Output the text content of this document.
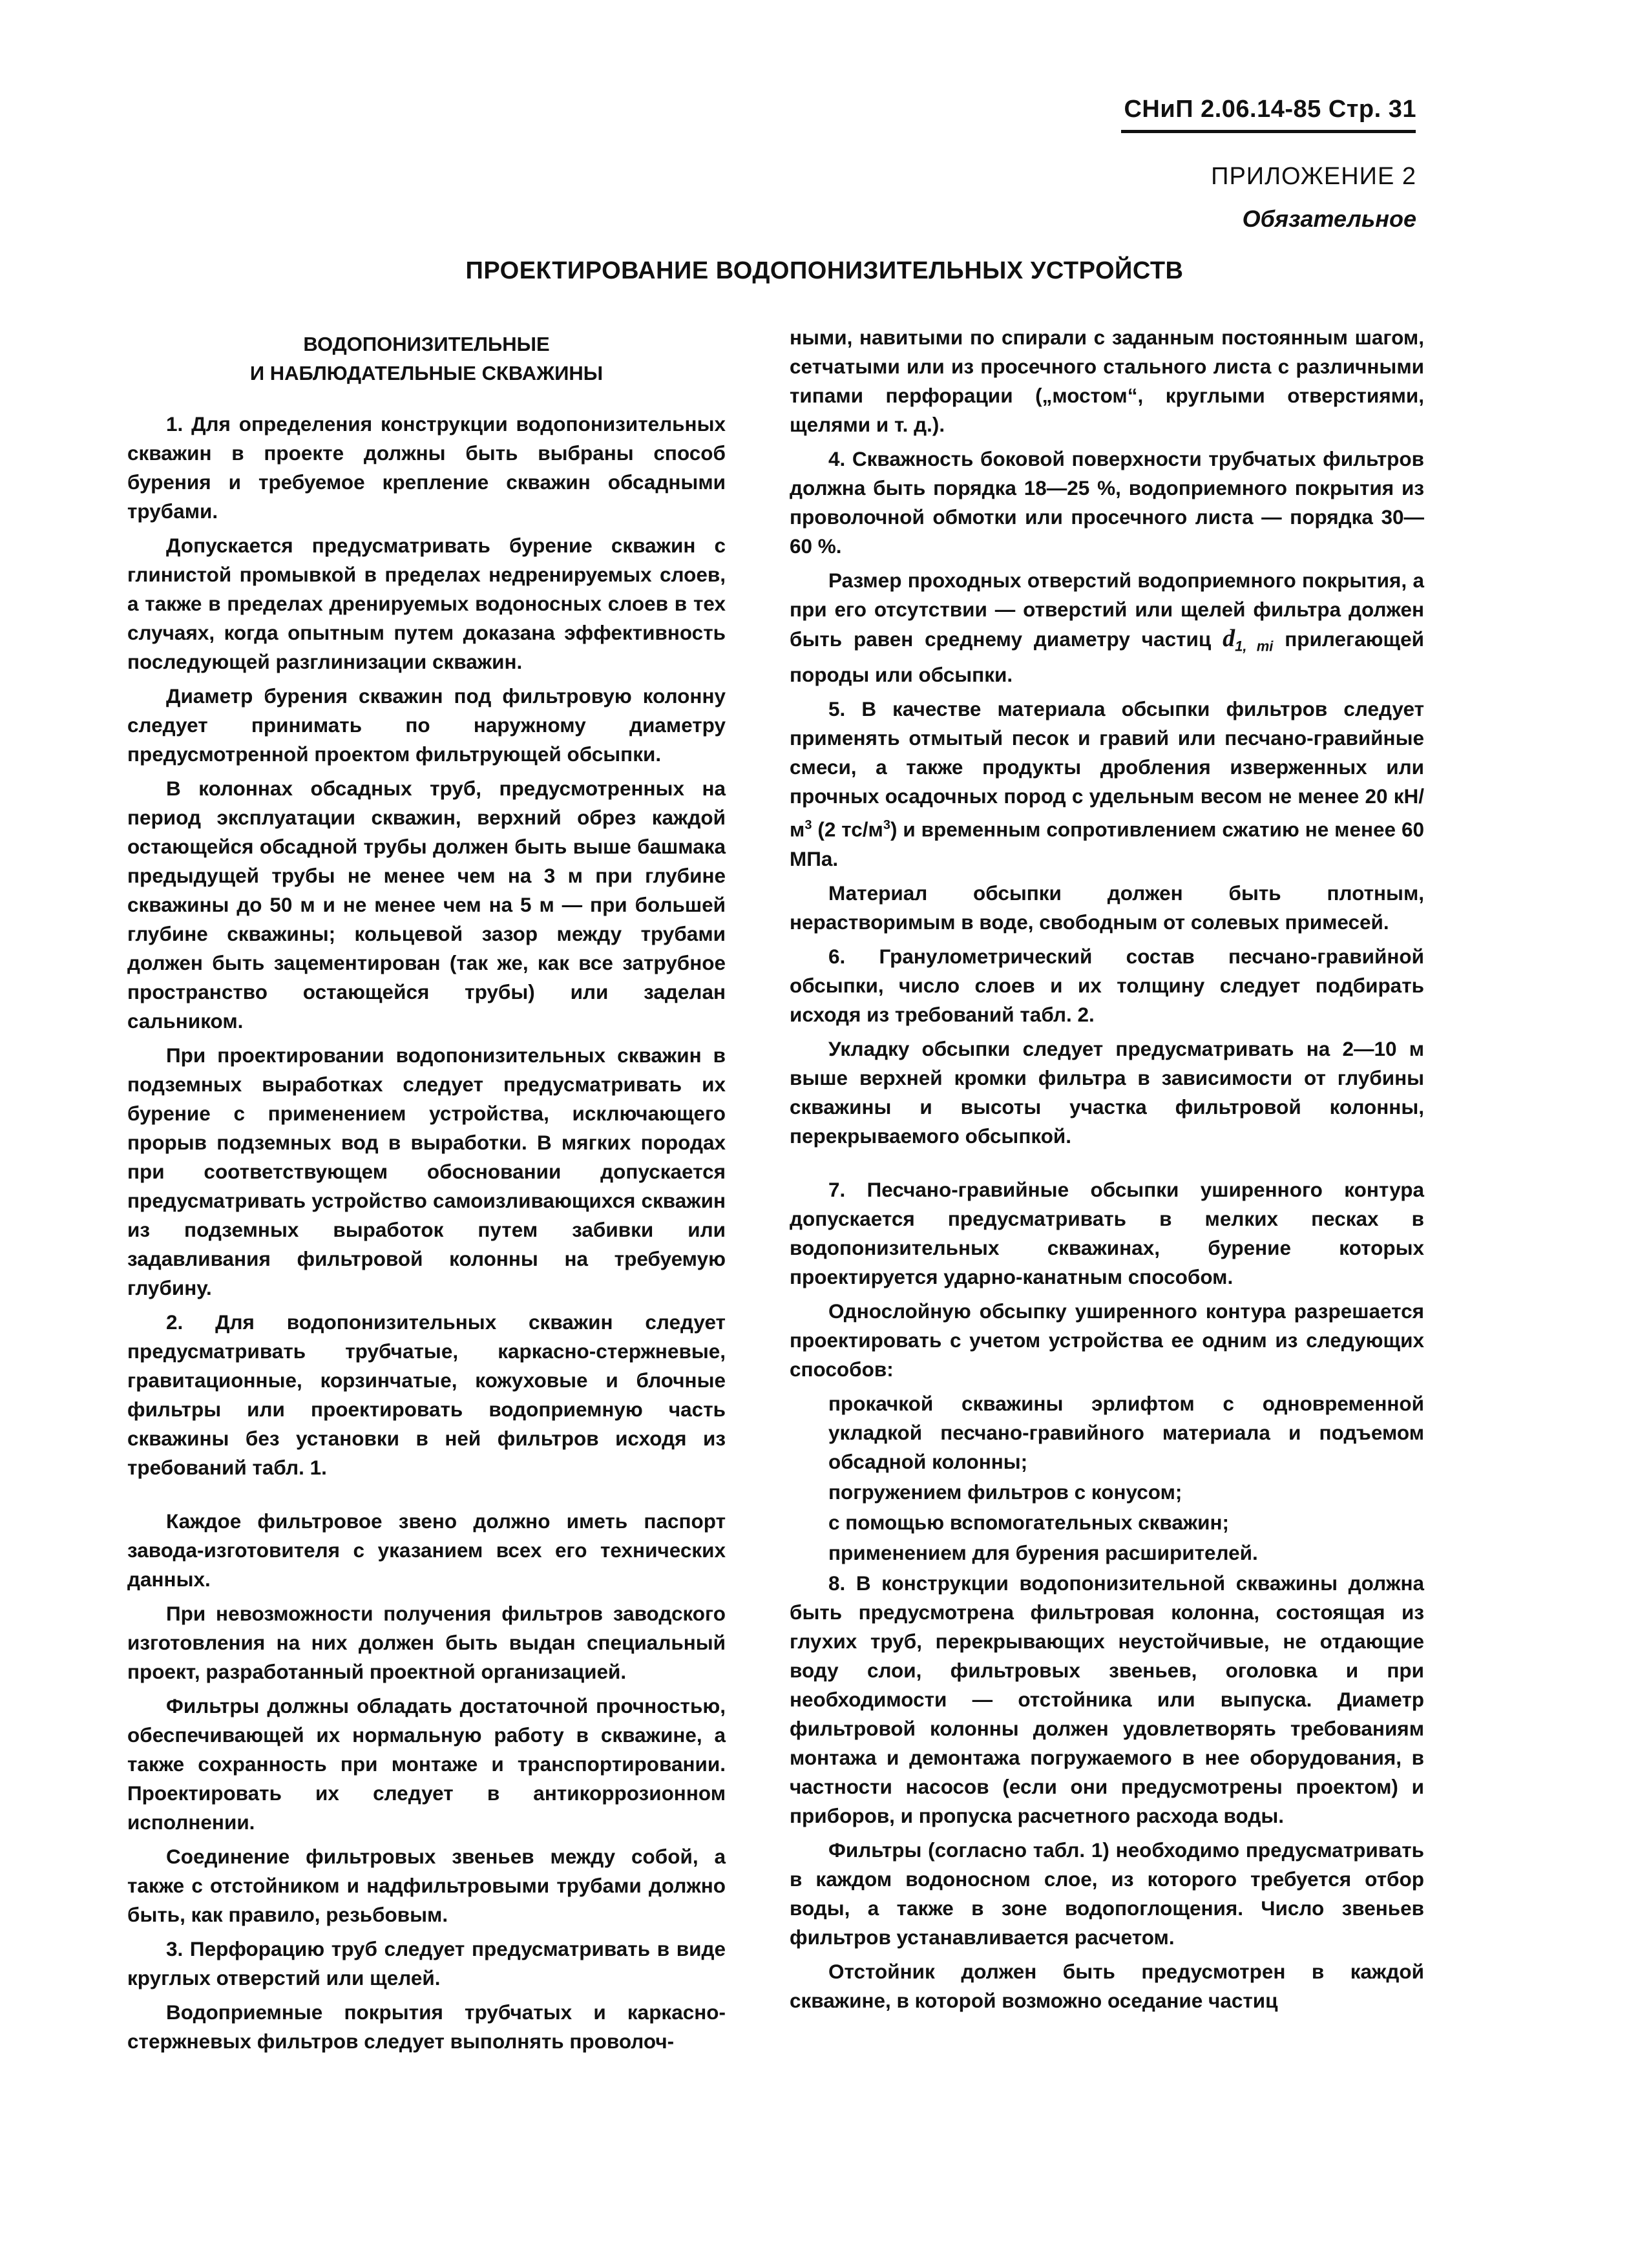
СНиП 2.06.14-85 Стр. 31
ПРИЛОЖЕНИЕ 2
Обязательное
ПРОЕКТИРОВАНИЕ ВОДОПОНИЗИТЕЛЬНЫХ УСТРОЙСТВ
ВОДОПОНИЗИТЕЛЬНЫЕ
И НАБЛЮДАТЕЛЬНЫЕ СКВАЖИНЫ

1. Для определения конструкции водопонизительных скважин в проекте должны быть выбраны способ бурения и требуемое крепление скважин обсадными трубами.

Допускается предусматривать бурение скважин с глинистой промывкой в пределах недренируемых слоев, а также в пределах дренируемых водоносных слоев в тех случаях, когда опытным путем доказана эффективность последующей разглинизации скважин.

Диаметр бурения скважин под фильтровую колонну следует принимать по наружному диаметру предусмотренной проектом фильтрующей обсыпки.

В колоннах обсадных труб, предусмотренных на период эксплуатации скважин, верхний обрез каждой остающейся обсадной трубы должен быть выше башмака предыдущей трубы не менее чем на 3 м при глубине скважины до 50 м и не менее чем на 5 м — при большей глубине скважины; кольцевой зазор между трубами должен быть зацементирован (так же, как все затрубное пространство остающейся трубы) или заделан сальником.

При проектировании водопонизительных скважин в подземных выработках следует предусматривать их бурение с применением устройства, исключающего прорыв подземных вод в выработки. В мягких породах при соответствующем обосновании допускается предусматривать устройство самоизливающихся скважин из подземных выработок путем забивки или задавливания фильтровой колонны на требуемую глубину.

2. Для водопонизительных скважин следует предусматривать трубчатые, каркасно-стержневые, гравитационные, корзинчатые, кожуховые и блочные фильтры или проектировать водоприемную часть скважины без установки в ней фильтров исходя из требований табл. 1.

Каждое фильтровое звено должно иметь паспорт завода-изготовителя с указанием всех его технических данных.

При невозможности получения фильтров заводского изготовления на них должен быть выдан специальный проект, разработанный проектной организацией.

Фильтры должны обладать достаточной прочностью, обеспечивающей их нормальную работу в скважине, а также сохранность при монтаже и транспортировании. Проектировать их следует в антикоррозионном исполнении.

Соединение фильтровых звеньев между собой, а также с отстойником и надфильтровыми трубами должно быть, как правило, резьбовым.

3. Перфорацию труб следует предусматривать в виде круглых отверстий или щелей.

Водоприемные покрытия трубчатых и каркасно-стержневых фильтров следует выполнять проволоч-

ными, навитыми по спирали с заданным постоянным шагом, сетчатыми или из просечного стального листа с различными типами перфорации („мостом“, круглыми отверстиями, щелями и т. д.).

4. Скважность боковой поверхности трубчатых фильтров должна быть порядка 18—25 %, водоприемного покрытия из проволочной обмотки или просечного листа — порядка 30—60 %.

Размер проходных отверстий водоприемного покрытия, а при его отсутствии — отверстий или щелей фильтра должен быть равен среднему диаметру частиц $d_{1, mi}$ прилегающей породы или обсыпки.

5. В качестве материала обсыпки фильтров следует применять отмытый песок и гравий или песчано-гравийные смеси, а также продукты дробления изверженных или прочных осадочных пород с удельным весом не менее 20 $кН/м^3$ (2 $тс/м^3$) и временным сопротивлением сжатию не менее 60 МПа.

Материал обсыпки должен быть плотным, нерастворимым в воде, свободным от солевых примесей.

6. Гранулометрический состав песчано-гравийной обсыпки, число слоев и их толщину следует подбирать исходя из требований табл. 2.

Укладку обсыпки следует предусматривать на 2—10 м выше верхней кромки фильтра в зависимости от глубины скважины и высоты участка фильтровой колонны, перекрываемого обсыпкой.

7. Песчано-гравийные обсыпки уширенного контура допускается предусматривать в мелких песках в водопонизительных скважинах, бурение которых проектируется ударно-канатным способом.

Однослойную обсыпку уширенного контура разрешается проектировать с учетом устройства ее одним из следующих способов:

прокачкой скважины эрлифтом с одновременной укладкой песчано-гравийного материала и подъемом обсадной колонны;

погружением фильтров с конусом;

с помощью вспомогательных скважин;

применением для бурения расширителей.

8. В конструкции водопонизительной скважины должна быть предусмотрена фильтровая колонна, состоящая из глухих труб, перекрывающих неустойчивые, не отдающие воду слои, фильтровых звеньев, оголовка и при необходимости — отстойника или выпуска. Диаметр фильтровой колонны должен удовлетворять требованиям монтажа и демонтажа погружаемого в нее оборудования, в частности насосов (если они предусмотрены проектом) и приборов, и пропуска расчетного расхода воды.

Фильтры (согласно табл. 1) необходимо предусматривать в каждом водоносном слое, из которого требуется отбор воды, а также в зоне водопоглощения. Число звеньев фильтров устанавливается расчетом.

Отстойник должен быть предусмотрен в каждой скважине, в которой возможно оседание частиц
